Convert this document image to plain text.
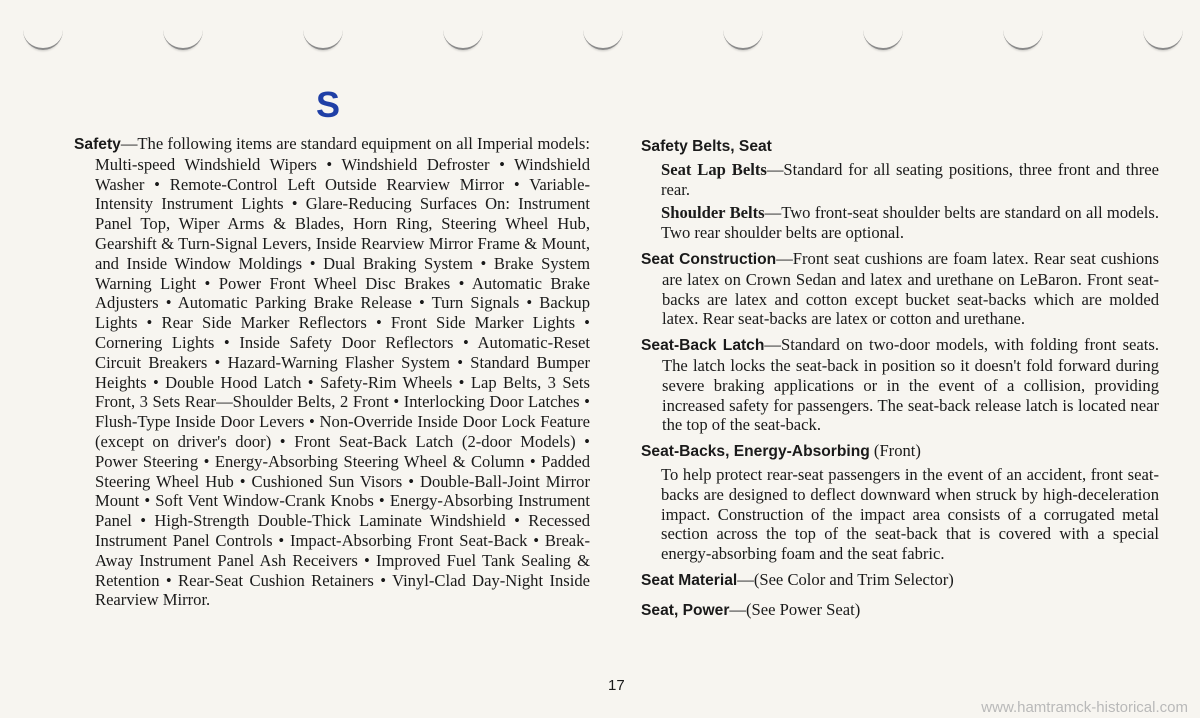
S

Safety—The following items are standard equipment on all Imperial models: Multi-speed Windshield Wipers • Windshield Defroster • Windshield Washer • Remote-Control Left Outside Rearview Mirror • Variable-Intensity Instrument Lights • Glare-Reducing Surfaces On: Instrument Panel Top, Wiper Arms & Blades, Horn Ring, Steering Wheel Hub, Gearshift & Turn-Signal Levers, Inside Rearview Mirror Frame & Mount, and Inside Window Moldings • Dual Braking System • Brake System Warning Light • Power Front Wheel Disc Brakes • Automatic Brake Adjusters • Automatic Parking Brake Release • Turn Signals • Backup Lights • Rear Side Marker Reflectors • Front Side Marker Lights • Cornering Lights • Inside Safety Door Reflectors • Automatic-Reset Circuit Breakers • Hazard-Warning Flasher System • Standard Bumper Heights • Double Hood Latch • Safety-Rim Wheels • Lap Belts, 3 Sets Front, 3 Sets Rear—Shoulder Belts, 2 Front • Interlocking Door Latches • Flush-Type Inside Door Levers • Non-Override Inside Door Lock Feature (except on driver's door) • Front Seat-Back Latch (2-door Models) • Power Steering • Energy-Absorbing Steering Wheel & Column • Padded Steering Wheel Hub • Cushioned Sun Visors • Double-Ball-Joint Mirror Mount • Soft Vent Window-Crank Knobs • Energy-Absorbing Instrument Panel • High-Strength Double-Thick Laminate Windshield • Recessed Instrument Panel Controls • Impact-Absorbing Front Seat-Back • Break-Away Instrument Panel Ash Receivers • Improved Fuel Tank Sealing & Retention • Rear-Seat Cushion Retainers • Vinyl-Clad Day-Night Inside Rearview Mirror.

Safety Belts, Seat

Seat Lap Belts—Standard for all seating positions, three front and three rear.

Shoulder Belts—Two front-seat shoulder belts are standard on all models. Two rear shoulder belts are optional.

Seat Construction—Front seat cushions are foam latex. Rear seat cushions are latex on Crown Sedan and latex and urethane on LeBaron. Front seat-backs are latex and cotton except bucket seat-backs which are molded latex. Rear seat-backs are latex or cotton and urethane.

Seat-Back Latch—Standard on two-door models, with folding front seats. The latch locks the seat-back in position so it doesn't fold forward during severe braking applications or in the event of a collision, providing increased safety for passengers. The seat-back release latch is located near the top of the seat-back.

Seat-Backs, Energy-Absorbing (Front)

To help protect rear-seat passengers in the event of an accident, front seat-backs are designed to deflect downward when struck by high-deceleration impact. Construction of the impact area consists of a corrugated metal section across the top of the seat-back that is covered with a special energy-absorbing foam and the seat fabric.

Seat Material—(See Color and Trim Selector)

Seat, Power—(See Power Seat)

17
www.hamtramck-historical.com
